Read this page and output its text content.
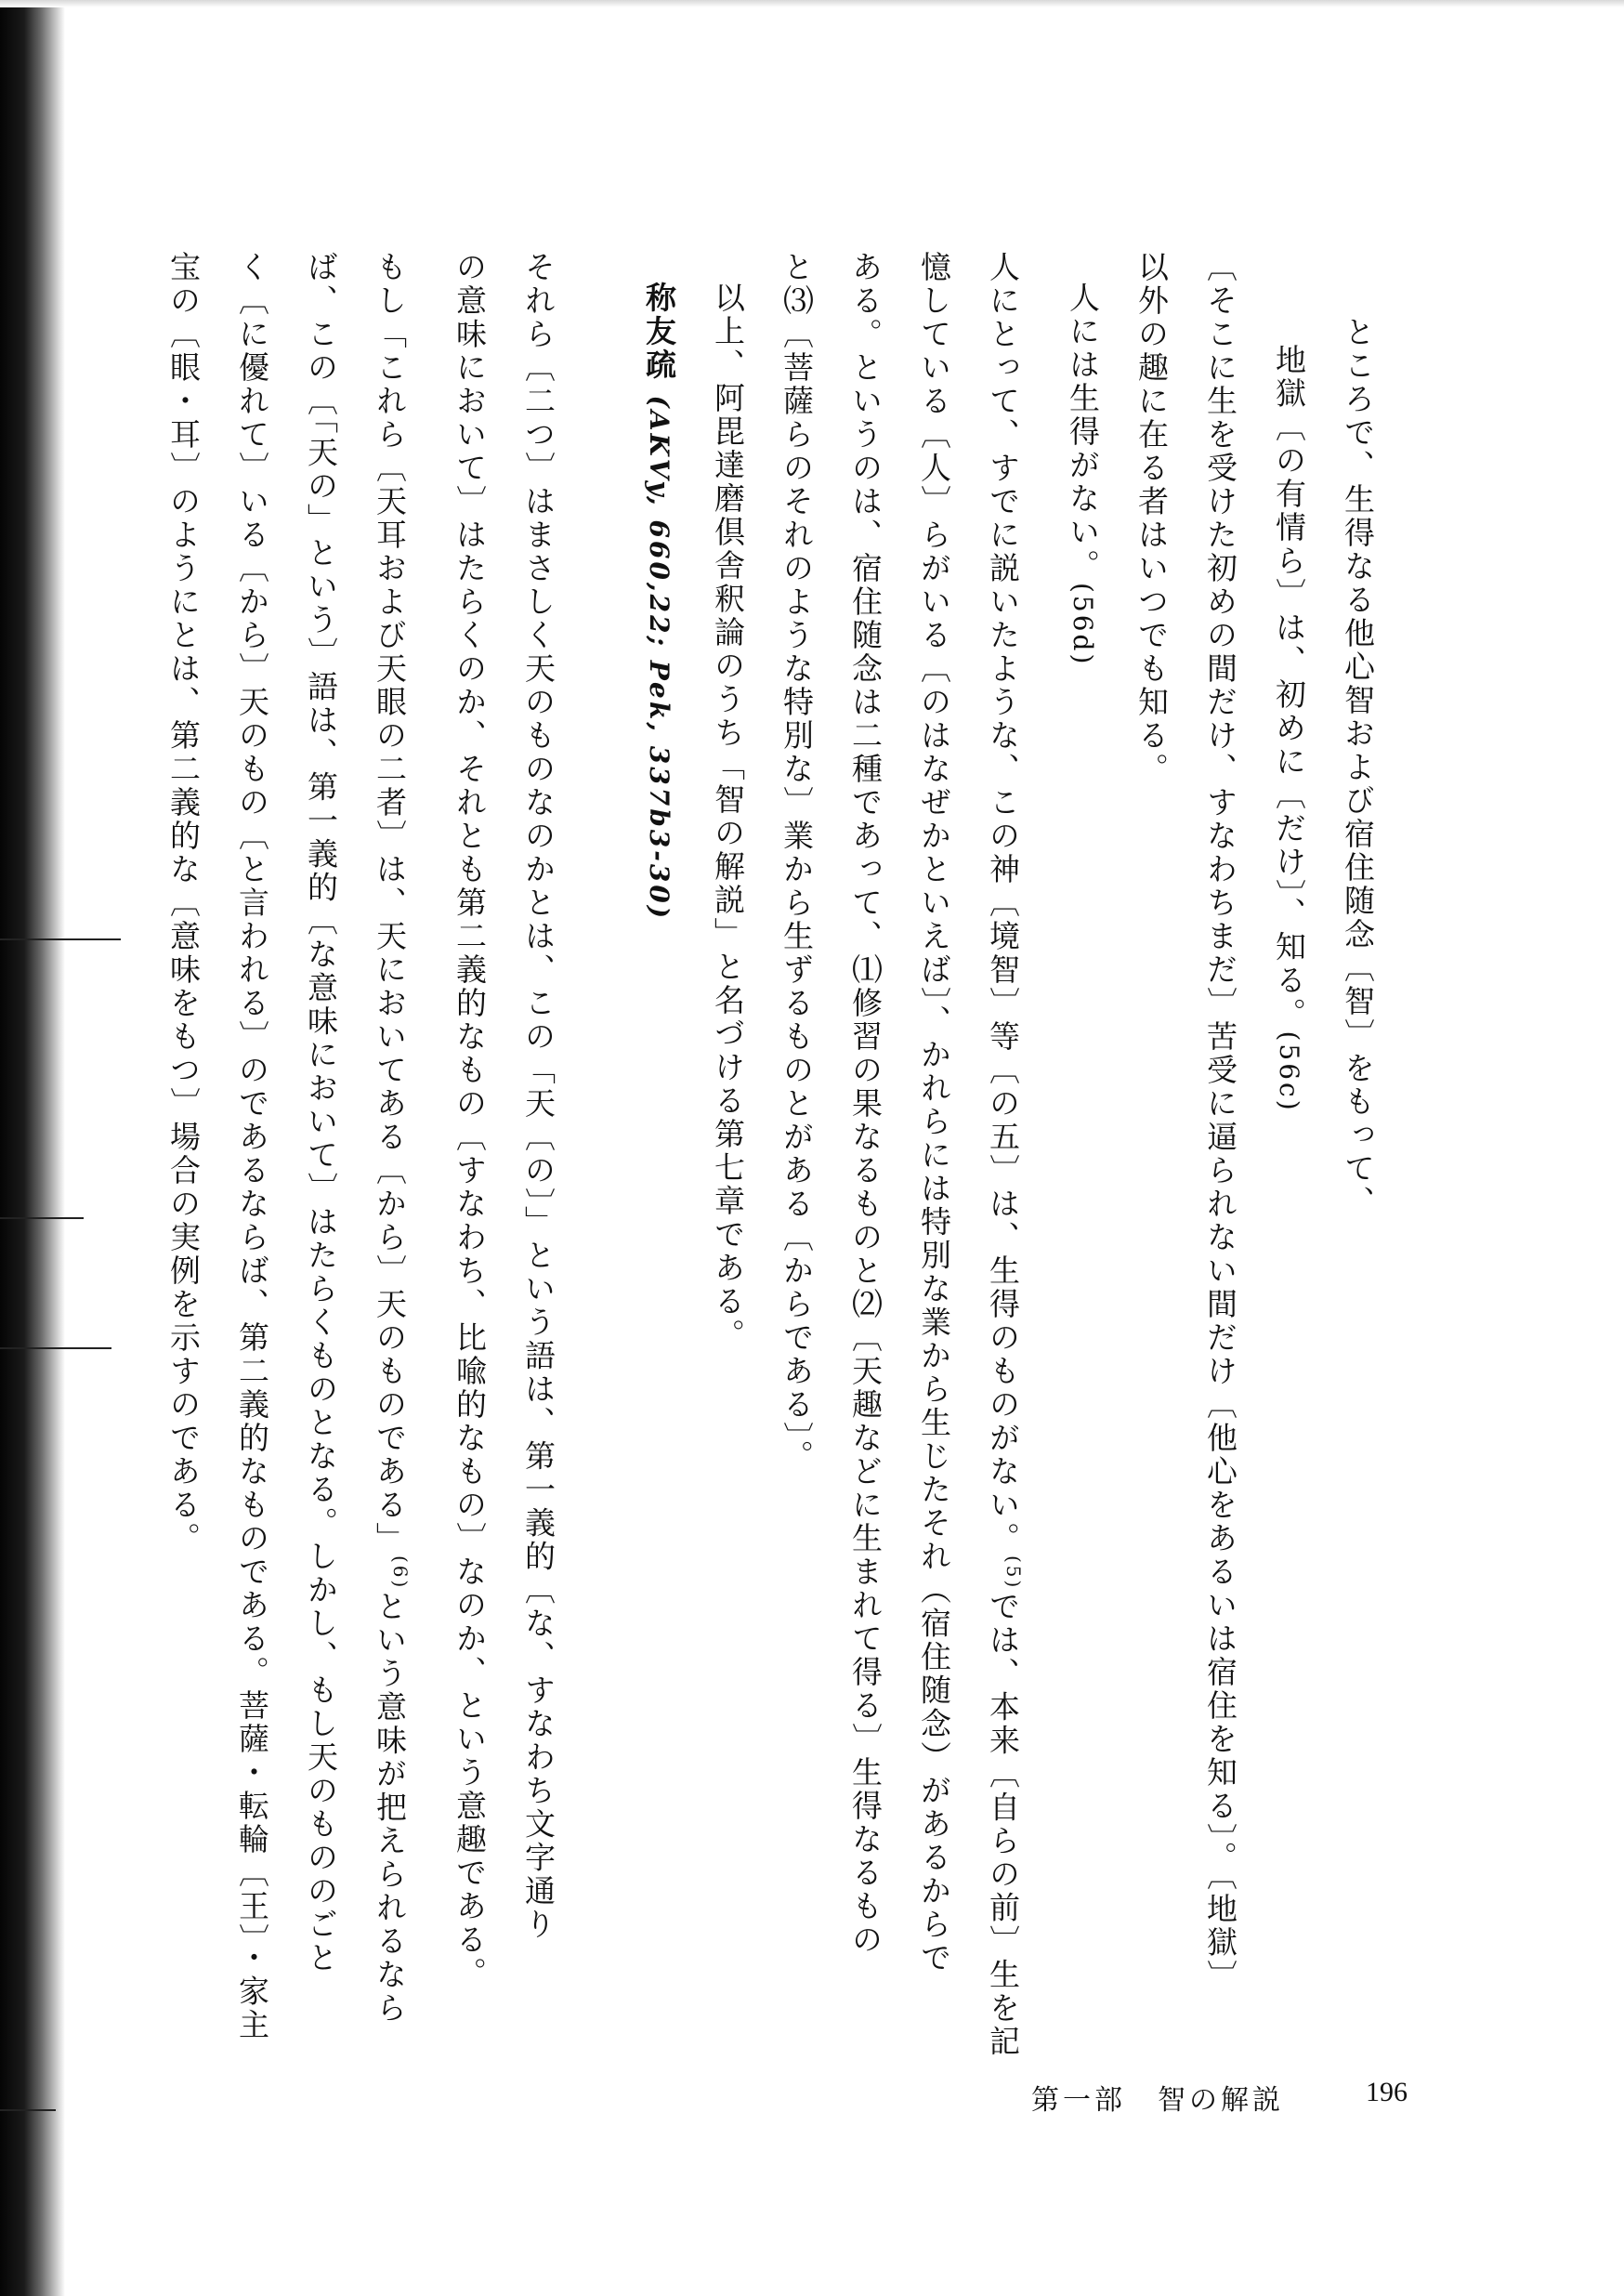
ところで、生得なる他心智および宿住随念〔智〕をもって、
地獄〔の有情ら〕は、初めに〔だけ〕、知る。(56c)
〔そこに生を受けた初めの間だけ、すなわちまだ〕苦受に逼られない間だけ〔他心をあるいは宿住を知る〕。〔地獄〕
以外の趣に在る者はいつでも知る。
人には生得がない。(56d)
人にとって、すでに説いたような、この神〔境智〕等〔の五〕は、生得のものがない。$^{(5)}$では、本来〔自らの前〕生を記
憶している〔人〕らがいる〔のはなぜかといえば〕、かれらには特別な業から生じたそれ（宿住随念）があるからで
ある。というのは、宿住随念は二種であって、⑴修習の果なるものと⑵〔天趣などに生まれて得る〕生得なるもの
と⑶〔菩薩らのそれのような特別な〕業から生ずるものとがある〔からである〕。
以上、阿毘達磨倶舎釈論のうち「智の解説」と名づける第七章である。
称友疏 (AKVy, 660,22; Pek, 337b3-30)
それら〔二つ〕はまさしく天のものなのかとは、この「天〔の〕」という語は、第一義的〔な、すなわち文字通り
の意味において〕はたらくのか、それとも第二義的なもの〔すなわち、比喩的なもの〕なのか、という意趣である。
もし「これら〔天耳および天眼の二者〕は、天においてある〔から〕天のものである」$^{(6)}$という意味が把えられるなら
ば、この〔「天の」という〕語は、第一義的〔な意味において〕はたらくものとなる。しかし、もし天のもののごと
く〔に優れて〕いる〔から〕天のもの〔と言われる〕のであるならば、第二義的なものである。菩薩・転輪〔王〕・家主
宝の〔眼・耳〕のようにとは、第二義的な〔意味をもつ〕場合の実例を示すのである。
第一部　智の解説	196
